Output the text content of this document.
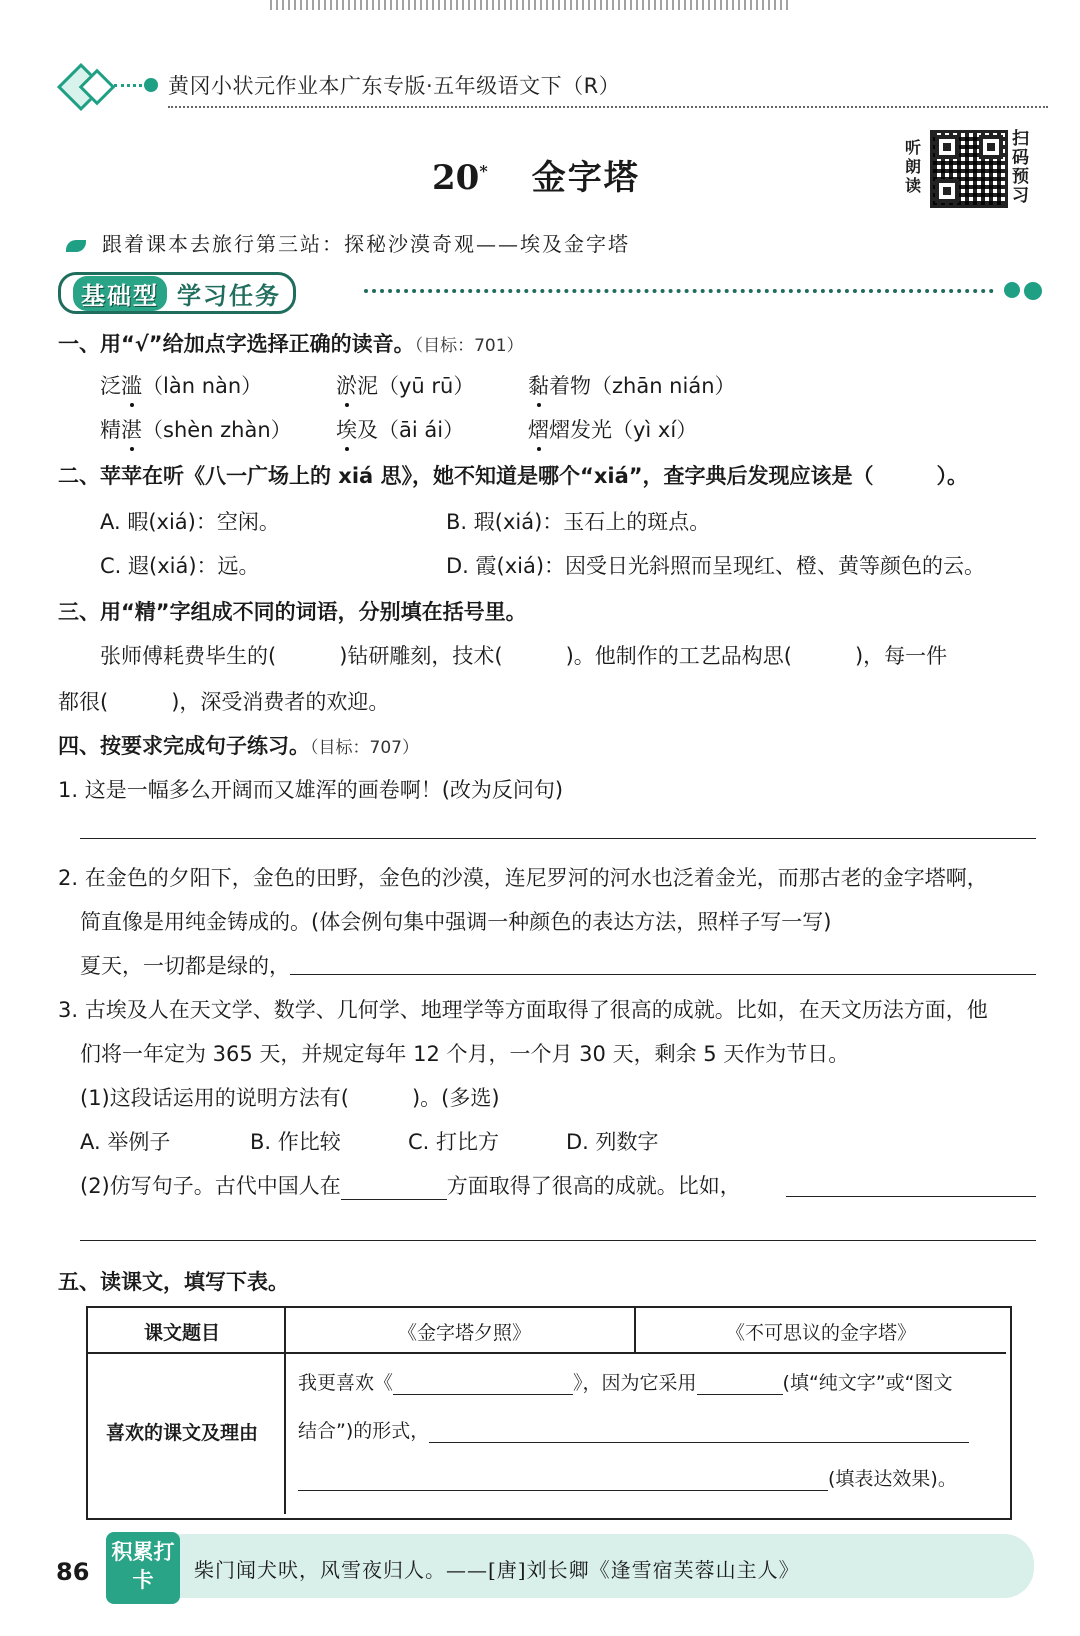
黄冈小状元作业本广东专版·五年级语文下（R）
20* 金字塔
听朗读
扫码预习
跟着课本去旅行第三站：探秘沙漠奇观——埃及金字塔
基础型 学习任务
一、用“√”给加点字选择正确的读音。（目标：701）
泛滥（làn nàn）	淤泥（yū rū）	黏着物（zhān nián）
精湛（shèn zhàn） 埃及（āi ái）	熠熠发光（yì xí）
二、苹苹在听《八一广场上的 xiá 思》，她不知道是哪个“xiá”，查字典后发现应该是（　　　）。
A. 暇(xiá)：空闲。	B. 瑕(xiá)：玉石上的斑点。
C. 遐(xiá)：远。	D. 霞(xiá)：因受日光斜照而呈现红、橙、黄等颜色的云。
三、用“精”字组成不同的词语，分别填在括号里。
张师傅耗费毕生的(　　　)钻研雕刻，技术(　　　)。他制作的工艺品构思(　　　)，每一件
都很(　　　)，深受消费者的欢迎。
四、按要求完成句子练习。（目标：707）
1. 这是一幅多么开阔而又雄浑的画卷啊！(改为反问句)
2. 在金色的夕阳下，金色的田野，金色的沙漠，连尼罗河的河水也泛着金光，而那古老的金字塔啊，
简直像是用纯金铸成的。(体会例句集中强调一种颜色的表达方法，照样子写一写)
夏天，一切都是绿的，
3. 古埃及人在天文学、数学、几何学、地理学等方面取得了很高的成就。比如，在天文历法方面，他
们将一年定为 365 天，并规定每年 12 个月，一个月 30 天，剩余 5 天作为节日。
(1)这段话运用的说明方法有(　　　)。(多选)
A. 举例子	B. 作比较	C. 打比方	D. 列数字
(2)仿写句子。古代中国人在	方面取得了很高的成就。比如，
五、读课文，填写下表。
课文题目	《金字塔夕照》	《不可思议的金字塔》
喜欢的课文及理由
我更喜欢《	》，因为它采用	(填“纯文字”或“图文
结合”)的形式，
(填表达效果)。
86
积累打卡	柴门闻犬吠，风雪夜归人。——[唐]刘长卿《逢雪宿芙蓉山主人》
